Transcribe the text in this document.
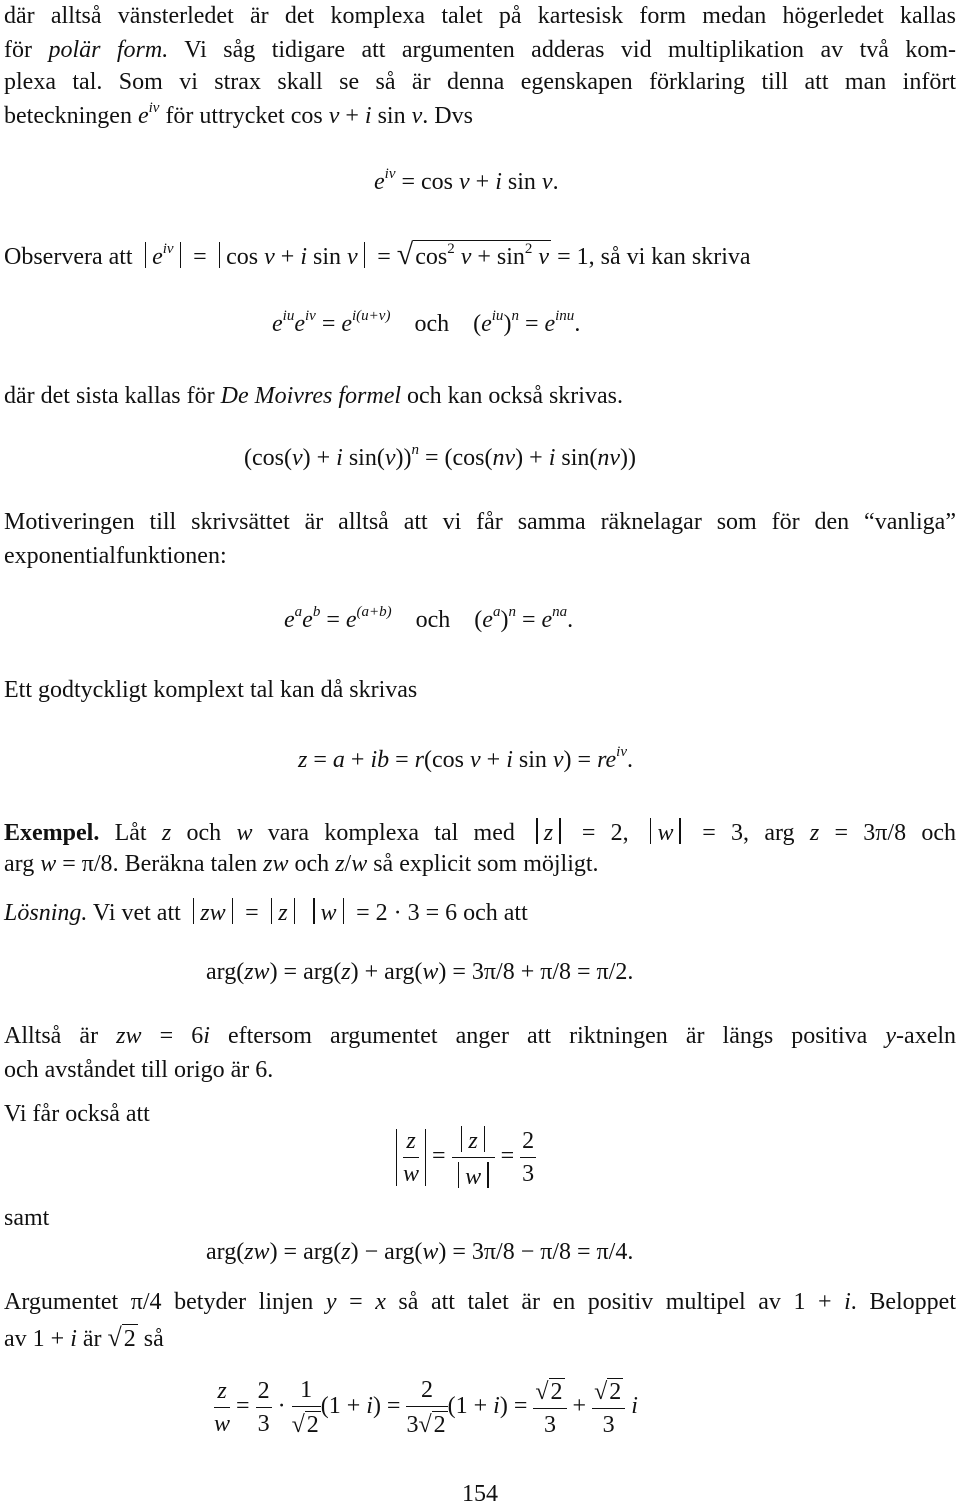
där alltså vänsterledet är det komplexa talet på kartesisk form medan högerledet kallas
för polär form. Vi såg tidigare att argumenten adderas vid multiplikation av två kom-
plexa tal. Som vi strax skall se så är denna egenskapen förklaring till att man infört
beteckningen $e^{iv}$ för uttrycket cos v + i sin v. Dvs
$e^{iv} = \cos v + i$ sin v.
Observera att $e^{iv} = \cos v + i$ $\sin v = √\cos^2$ $v + \sin^2 v = 1$, så vi kan skriva
$e^{iu}e^{iv} = e^{i(u+v)}$ och    $(e^{iu})^n = e^{inu}$.
där det sista kallas för De Moivres formel och kan också skrivas.
(cos(v) + i sin(v))$^n$ = (cos(nv) + i sin(nv))
Motiveringen till skrivsättet är alltså att vi får samma räknelagar som för den “vanliga”
exponentialfunktionen:
$e^ae^b = e^{(a+b)}$ och    $(e^a)^n = e^{na}$.
Ett godtyckligt komplext tal kan då skrivas
z = a + ib = r(cos v + i $\sin v) = re^{iv}$.
Exempel. Låt z och w vara komplexa tal med z = 2, w = 3, arg z = 3π/8 och
arg w = π/8. Beräkna talen zw och z/w så explicit som möjligt.
Lösning. Vi vet att zw = z w = 2 · 3 = 6 och att
arg(zw) = arg(z) + arg(w) = 3π/8 + π/8 = π/2.
Alltså är zw = 6i eftersom argumentet anger att riktningen är längs positiva y-axeln
och avståndet till origo är 6.
Vi får också att
$\frac{z}{w} = \frac{z}{w} = \frac{2}{3}$
samt
arg(zw) = arg(z) − arg(w) = 3π/8 − π/8 = π/4.
Argumentet π/4 betyder linjen y = x så att talet är en positiv multipel av 1 + i. Beloppet
av 1 + i är √2 så
$\frac{z}{w} = \frac{2}{3} \cdot \frac{1}{√2} (1 + i) = \frac{2}{3√2} (1 + i) = \frac{√2}{3} + \frac{√2}{3}$ i
154
